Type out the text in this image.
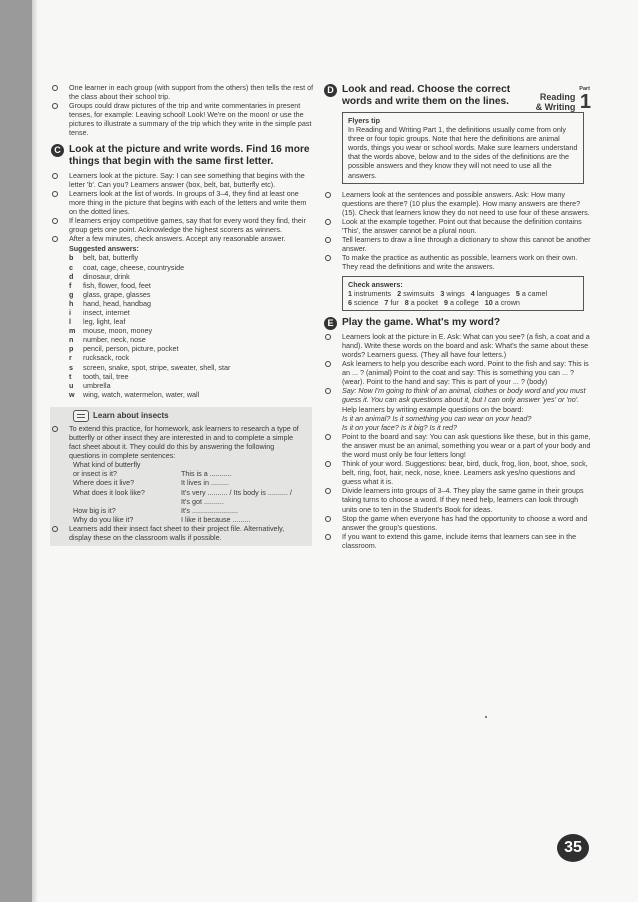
One learner in each group (with support from the others) then tells the rest of the class about their school trip.

Groups could draw pictures of the trip and write commentaries in present tenses, for example: Leaving school! Look! We're on the moon! or use the pictures to illustrate a summary of the trip which they write in the simple past tense.

C Look at the picture and write words. Find 16 more things that begin with the same first letter.

Learners look at the picture. Say: I can see something that begins with the letter 'b'. Can you? Learners answer (box, belt, bat, butterfly etc).

Learners look at the list of words. In groups of 3–4, they find at least one more thing in the picture that begins with each of the letters and write them on the dotted lines.

If learners enjoy competitive games, say that for every word they find, their group gets one point. Acknowledge the highest scorers as winners.

After a few minutes, check answers. Accept any reasonable answer.

Suggested answers:

b	belt, bat, butterfly
c	coat, cage, cheese, countryside
d	dinosaur, drink
f	fish, flower, food, feet
g	glass, grape, glasses
h	hand, head, handbag
i	insect, internet
l	leg, light, leaf
m	mouse, moon, money
n	number, neck, nose
p	pencil, person, picture, pocket
r	rucksack, rock
s	screen, snake, spot, stripe, sweater, shell, star
t	tooth, tail, tree
u	umbrella
w	wing, watch, watermelon, water, wall
Learn about insects

To extend this practice, for homework, ask learners to research a type of butterfly or other insect they are interested in and to complete a simple fact sheet about it. They could do this by answering the following questions in complete sentences:

What kind of butterfly
or insect is it?	This is a ...........
Where does it live?	It lives in .........
What does it look like?	It's very .......... / Its body is .......... /
It's got ..........
How big is it?	It's .......................
Why do you like it?	I like it because .........

Learners add their insect fact sheet to their project file. Alternatively, display these on the classroom walls if possible.

Part
Reading
& Writing 1
D Look and read. Choose the correct words and write them on the lines.

Flyers tip

In Reading and Writing Part 1, the definitions usually come from only three or four topic groups. Note that here the definitions are animal words, things you wear or school words. Make sure learners understand that the words above, below and to the sides of the definitions are the possible answers and they know they will not need to use all the answers.

Learners look at the sentences and possible answers. Ask: How many questions are there? (10 plus the example). How many answers are there? (15). Check that learners know they do not need to use four of these answers.

Look at the example together. Point out that because the definition contains 'This', the answer cannot be a plural noun.

Tell learners to draw a line through a dictionary to show this cannot be another answer.

To make the practice as authentic as possible, learners work on their own. They read the definitions and write the answers.

Check answers:

1 instruments 2 swimsuits 3 wings 4 languages 5 a camel

6 science 7 fur 8 a pocket 9 a college 10 a crown

E Play the game. What's my word?

Learners look at the picture in E. Ask: What can you see? (a fish, a coat and a hand). Write these words on the board and ask: What's the same about these words? Learners guess. (They all have four letters.)

Ask learners to help you describe each word. Point to the fish and say: This is an ... ? (animal) Point to the coat and say: This is something you can ... ? (wear). Point to the hand and say: This is part of your ... ? (body)

Say: Now I'm going to think of an animal, clothes or body word and you must guess it. You can ask questions about it, but I can only answer 'yes' or 'no'.

Help learners by writing example questions on the board:

Is it an animal? Is it something you can wear on your head?

Is it on your face? Is it big? Is it red?

Point to the board and say: You can ask questions like these, but in this game, the answer must be an animal, something you wear or a part of your body and the word must only be four letters long!

Think of your word. Suggestions: bear, bird, duck, frog, lion, boot, shoe, sock, belt, ring, foot, hair, neck, nose, knee. Learners ask yes/no questions and guess what it is.

Divide learners into groups of 3–4. They play the same game in their groups taking turns to choose a word. If they need help, learners can look through units one to ten in the Student's Book for ideas.

Stop the game when everyone has had the opportunity to choose a word and answer the group's questions.

If you want to extend this game, include items that learners can see in the classroom.

35
